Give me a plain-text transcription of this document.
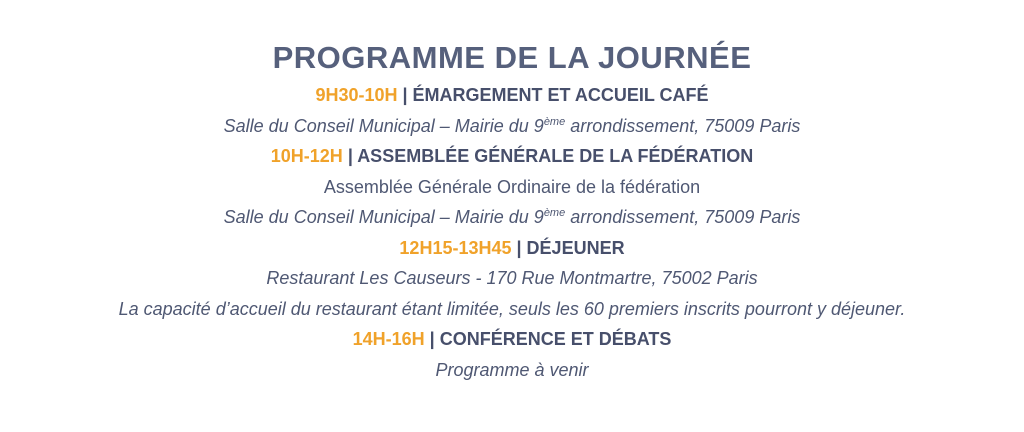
PROGRAMME DE LA JOURNÉE
9H30-10H | ÉMARGEMENT ET ACCUEIL CAFÉ
Salle du Conseil Municipal – Mairie du 9ème arrondissement, 75009 Paris
10H-12H | ASSEMBLÉE GÉNÉRALE DE LA FÉDÉRATION
Assemblée Générale Ordinaire de la fédération
Salle du Conseil Municipal – Mairie du 9ème arrondissement, 75009 Paris
12H15-13H45 | DÉJEUNER
Restaurant Les Causeurs - 170 Rue Montmartre, 75002 Paris
La capacité d’accueil du restaurant étant limitée, seuls les 60 premiers inscrits pourront y déjeuner.
14H-16H | CONFÉRENCE ET DÉBATS
Programme à venir
